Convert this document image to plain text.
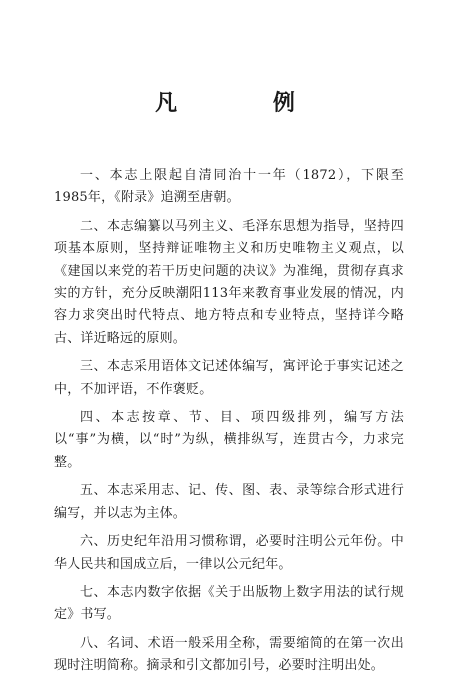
凡 例

一、本志上限起自清同治十一年（1872），下限至1985年，《附录》追溯至唐朝。

二、本志编纂以马列主义、毛泽东思想为指导，坚持四项基本原则，坚持辩证唯物主义和历史唯物主义观点，以《建国以来党的若干历史问题的决议》为准绳，贯彻存真求实的方针，充分反映潮阳113年来教育事业发展的情况，内容力求突出时代特点、地方特点和专业特点，坚持详今略古、详近略远的原则。

三、本志采用语体文记述体编写，寓评论于事实记述之中，不加评语，不作褒贬。

四、本志按章、节、目、项四级排列，编写方法以“事”为横，以“时”为纵，横排纵写，连贯古今，力求完整。

五、本志采用志、记、传、图、表、录等综合形式进行编写，并以志为主体。

六、历史纪年沿用习惯称谓，必要时注明公元年份。中华人民共和国成立后，一律以公元纪年。

七、本志内数字依据《关于出版物上数字用法的试行规定》书写。

八、名词、术语一般采用全称，需要缩简的在第一次出现时注明简称。摘录和引文都加引号，必要时注明出处。
